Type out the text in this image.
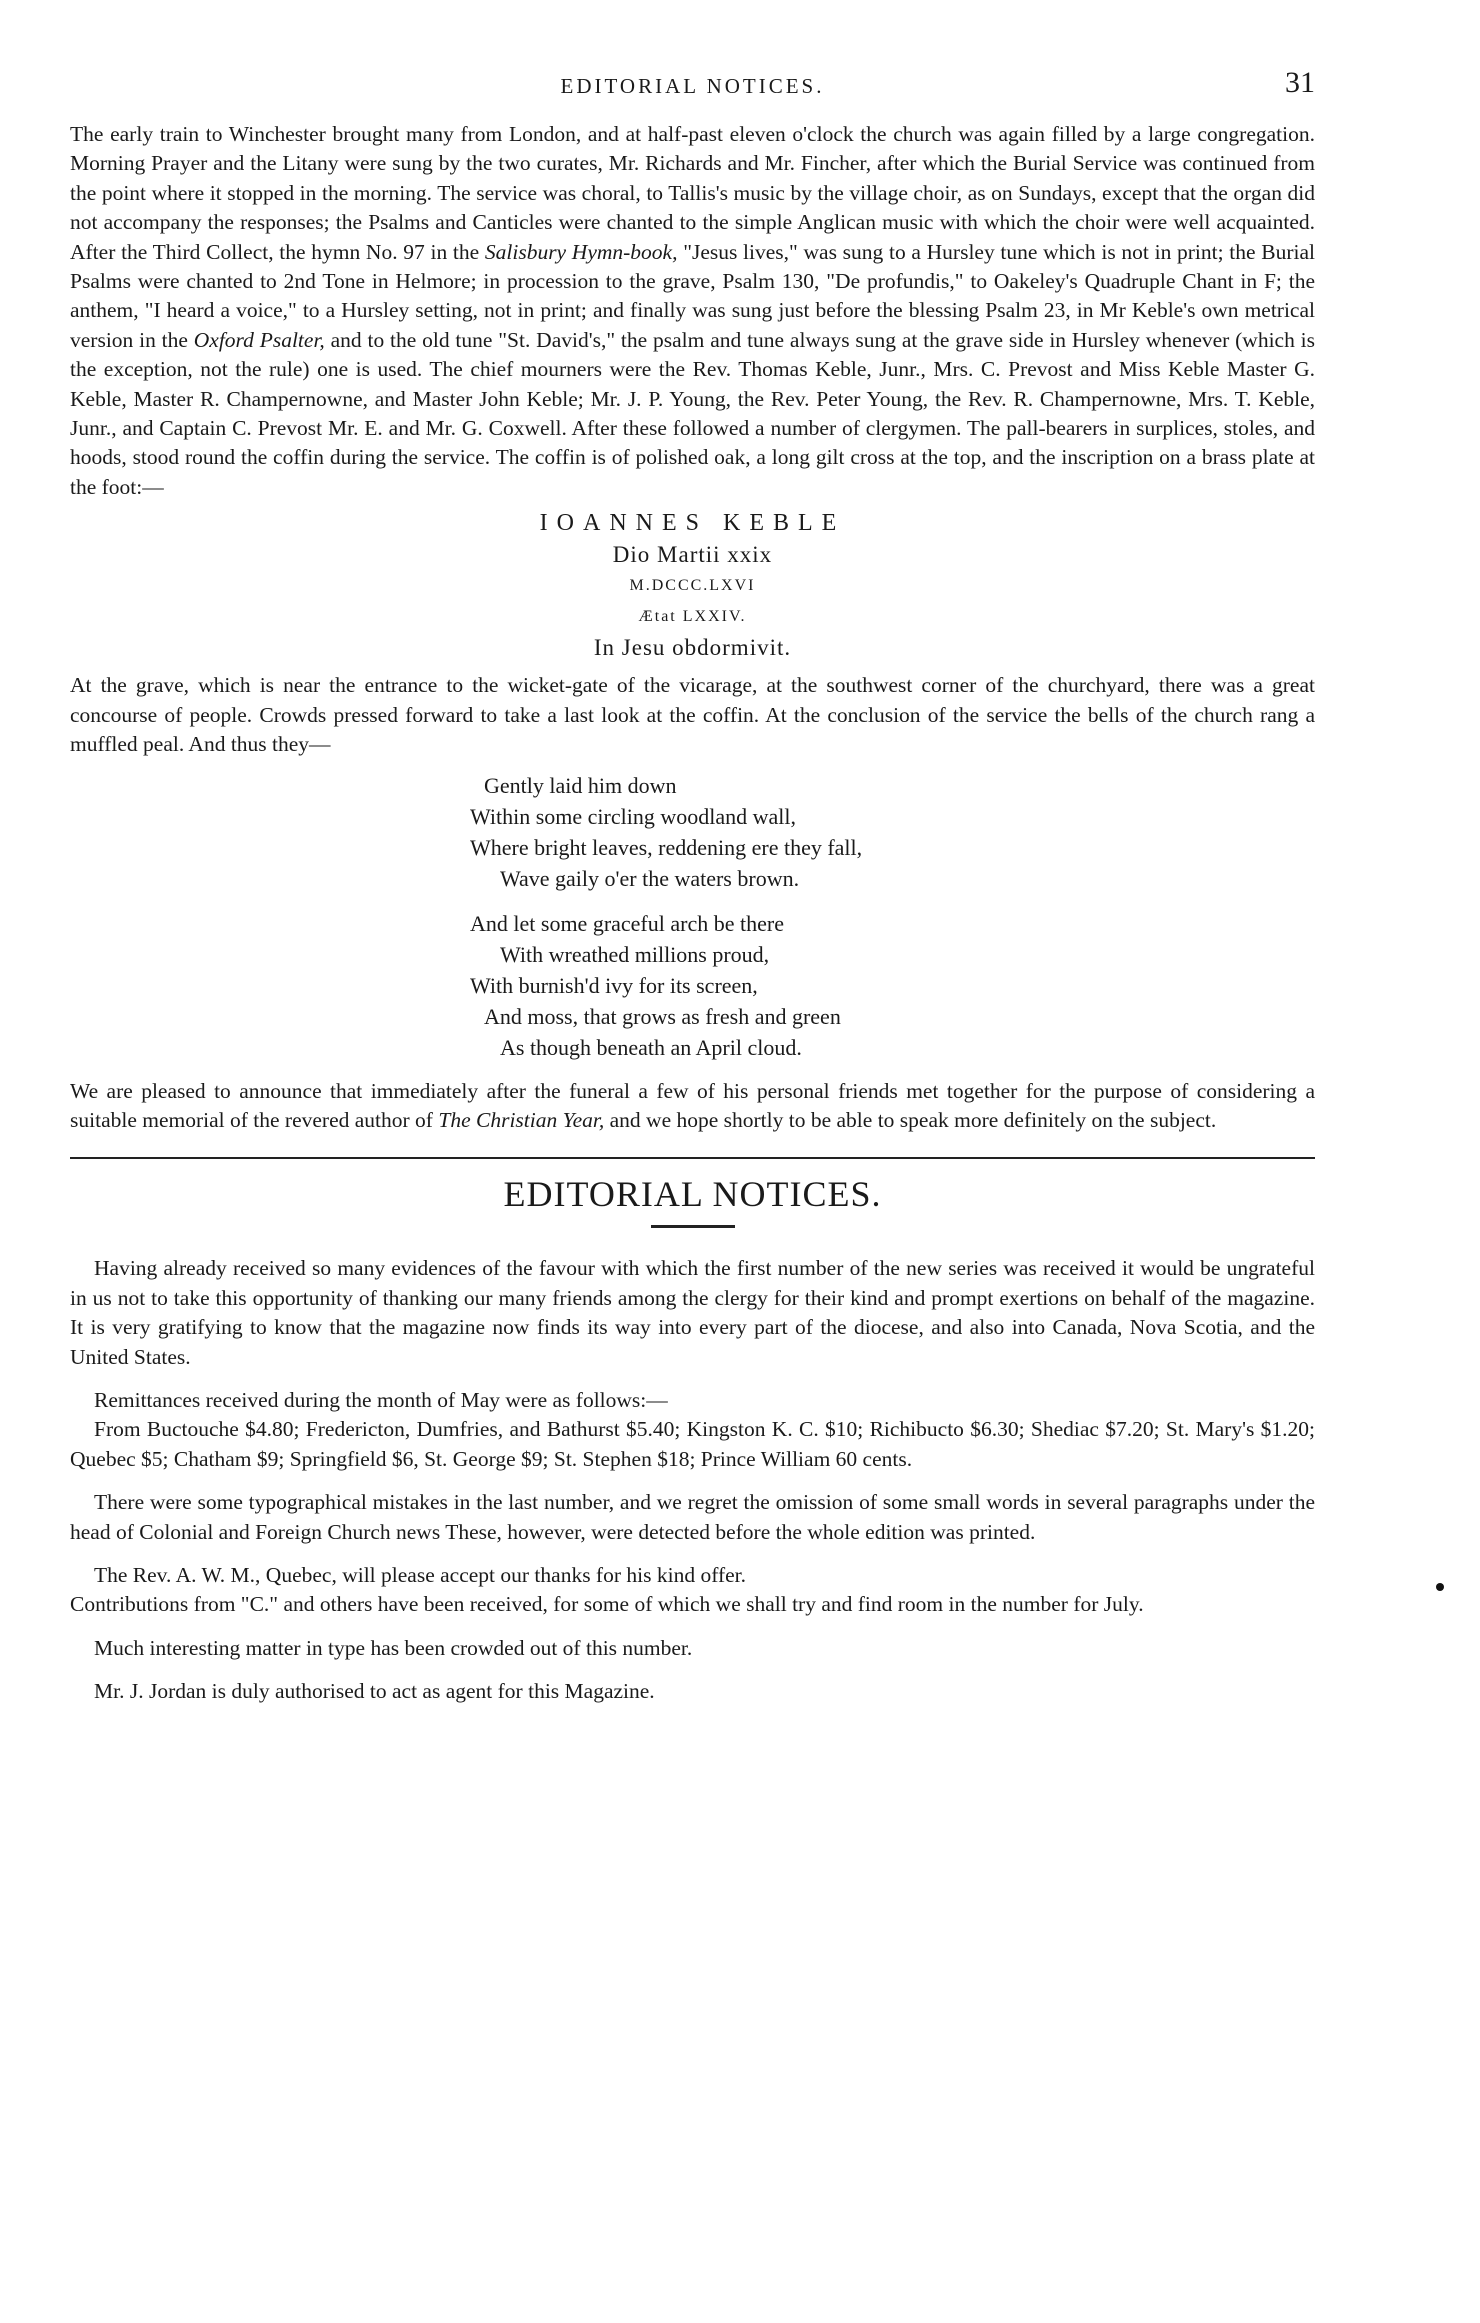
EDITORIAL NOTICES.	31

The early train to Winchester brought many from London, and at half-past eleven o'clock the church was again filled by a large congregation. Morning Prayer and the Litany were sung by the two curates, Mr. Richards and Mr. Fincher, after which the Burial Service was continued from the point where it stopped in the morning. The service was choral, to Tallis's music by the village choir, as on Sundays, except that the organ did not accompany the responses; the Psalms and Canticles were chanted to the simple Anglican music with which the choir were well acquainted. After the Third Collect, the hymn No. 97 in the Salisbury Hymn-book, "Jesus lives," was sung to a Hursley tune which is not in print; the Burial Psalms were chanted to 2nd Tone in Helmore; in procession to the grave, Psalm 130, "De profundis," to Oakeley's Quadruple Chant in F; the anthem, "I heard a voice," to a Hursley setting, not in print; and finally was sung just before the blessing Psalm 23, in Mr Keble's own metrical version in the Oxford Psalter, and to the old tune "St. David's," the psalm and tune always sung at the grave side in Hursley whenever (which is the exception, not the rule) one is used. The chief mourners were the Rev. Thomas Keble, Junr., Mrs. C. Prevost and Miss Keble Master G. Keble, Master R. Champernowne, and Master John Keble; Mr. J. P. Young, the Rev. Peter Young, the Rev. R. Champernowne, Mrs. T. Keble, Junr., and Captain C. Prevost Mr. E. and Mr. G. Coxwell. After these followed a number of clergymen. The pall-bearers in surplices, stoles, and hoods, stood round the coffin during the service. The coffin is of polished oak, a long gilt cross at the top, and the inscription on a brass plate at the foot:—

IOANNES KEBLE
Dio Martii xxix
M.DCCC.LXVI
Ætat LXXIV.
In Jesu obdormivit.

At the grave, which is near the entrance to the wicket-gate of the vicarage, at the southwest corner of the churchyard, there was a great concourse of people. Crowds pressed forward to take a last look at the coffin. At the conclusion of the service the bells of the church rang a muffled peal. And thus they—

Gently laid him down
Within some circling woodland wall,
Where bright leaves, reddening ere they fall,
Wave gaily o'er the waters brown.
And let some graceful arch be there
With wreathed millions proud,
With burnish'd ivy for its screen,
And moss, that grows as fresh and green
As though beneath an April cloud.

We are pleased to announce that immediately after the funeral a few of his personal friends met together for the purpose of considering a suitable memorial of the revered author of The Christian Year, and we hope shortly to be able to speak more definitely on the subject.

EDITORIAL NOTICES.

Having already received so many evidences of the favour with which the first number of the new series was received it would be ungrateful in us not to take this opportunity of thanking our many friends among the clergy for their kind and prompt exertions on behalf of the magazine. It is very gratifying to know that the magazine now finds its way into every part of the diocese, and also into Canada, Nova Scotia, and the United States.

Remittances received during the month of May were as follows:—
From Buctouche $4.80; Fredericton, Dumfries, and Bathurst $5.40; Kingston K. C. $10; Richibucto $6.30; Shediac $7.20; St. Mary's $1.20; Quebec $5; Chatham $9; Springfield $6, St. George $9; St. Stephen $18; Prince William 60 cents.

There were some typographical mistakes in the last number, and we regret the omission of some small words in several paragraphs under the head of Colonial and Foreign Church news These, however, were detected before the whole edition was printed.

The Rev. A. W. M., Quebec, will please accept our thanks for his kind offer.
Contributions from "C." and others have been received, for some of which we shall try and find room in the number for July.

Much interesting matter in type has been crowded out of this number.

Mr. J. Jordan is duly authorised to act as agent for this Magazine.
